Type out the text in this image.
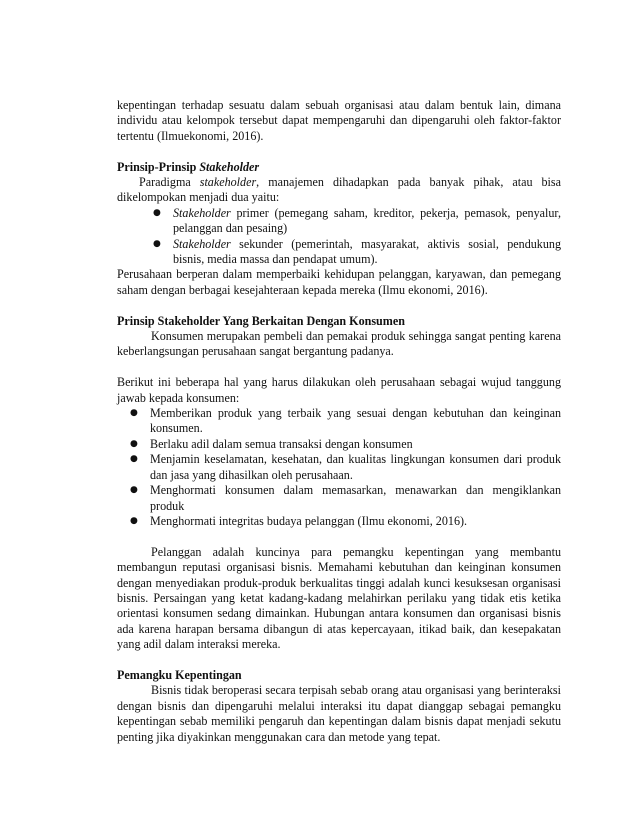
kepentingan terhadap sesuatu dalam sebuah organisasi atau dalam bentuk lain, dimana individu atau kelompok tersebut dapat mempengaruhi dan dipengaruhi oleh faktor-faktor tertentu (Ilmuekonomi, 2016).

Prinsip-Prinsip Stakeholder

Paradigma stakeholder, manajemen dihadapkan pada banyak pihak, atau bisa dikelompokan menjadi dua yaitu:

● Stakeholder primer (pemegang saham, kreditor, pekerja, pemasok, penyalur, pelanggan dan pesaing)
● Stakeholder sekunder (pemerintah, masyarakat, aktivis sosial, pendukung bisnis, media massa dan pendapat umum).

Perusahaan berperan dalam memperbaiki kehidupan pelanggan, karyawan, dan pemegang saham dengan berbagai kesejahteraan kepada mereka (Ilmu ekonomi, 2016).

Prinsip Stakeholder Yang Berkaitan Dengan Konsumen

Konsumen merupakan pembeli dan pemakai produk sehingga sangat penting karena keberlangsungan perusahaan sangat bergantung padanya.

Berikut ini beberapa hal yang harus dilakukan oleh perusahaan sebagai wujud tanggung jawab kepada konsumen:

● Memberikan produk yang terbaik yang sesuai dengan kebutuhan dan keinginan konsumen.
● Berlaku adil dalam semua transaksi dengan konsumen
● Menjamin keselamatan, kesehatan, dan kualitas lingkungan konsumen dari produk dan jasa yang dihasilkan oleh perusahaan.
● Menghormati konsumen dalam memasarkan, menawarkan dan mengiklankan produk
● Menghormati integritas budaya pelanggan (Ilmu ekonomi, 2016).

Pelanggan adalah kuncinya para pemangku kepentingan yang membantu membangun reputasi organisasi bisnis. Memahami kebutuhan dan keinginan konsumen dengan menyediakan produk-produk berkualitas tinggi adalah kunci kesuksesan organisasi bisnis. Persaingan yang ketat kadang-kadang melahirkan perilaku yang tidak etis ketika orientasi konsumen sedang dimainkan. Hubungan antara konsumen dan organisasi bisnis ada karena harapan bersama dibangun di atas kepercayaan, itikad baik, dan kesepakatan yang adil dalam interaksi mereka.

Pemangku Kepentingan

Bisnis tidak beroperasi secara terpisah sebab orang atau organisasi yang berinteraksi dengan bisnis dan dipengaruhi melalui interaksi itu dapat dianggap sebagai pemangku kepentingan sebab memiliki pengaruh dan kepentingan dalam bisnis dapat menjadi sekutu penting jika diyakinkan menggunakan cara dan metode yang tepat.
